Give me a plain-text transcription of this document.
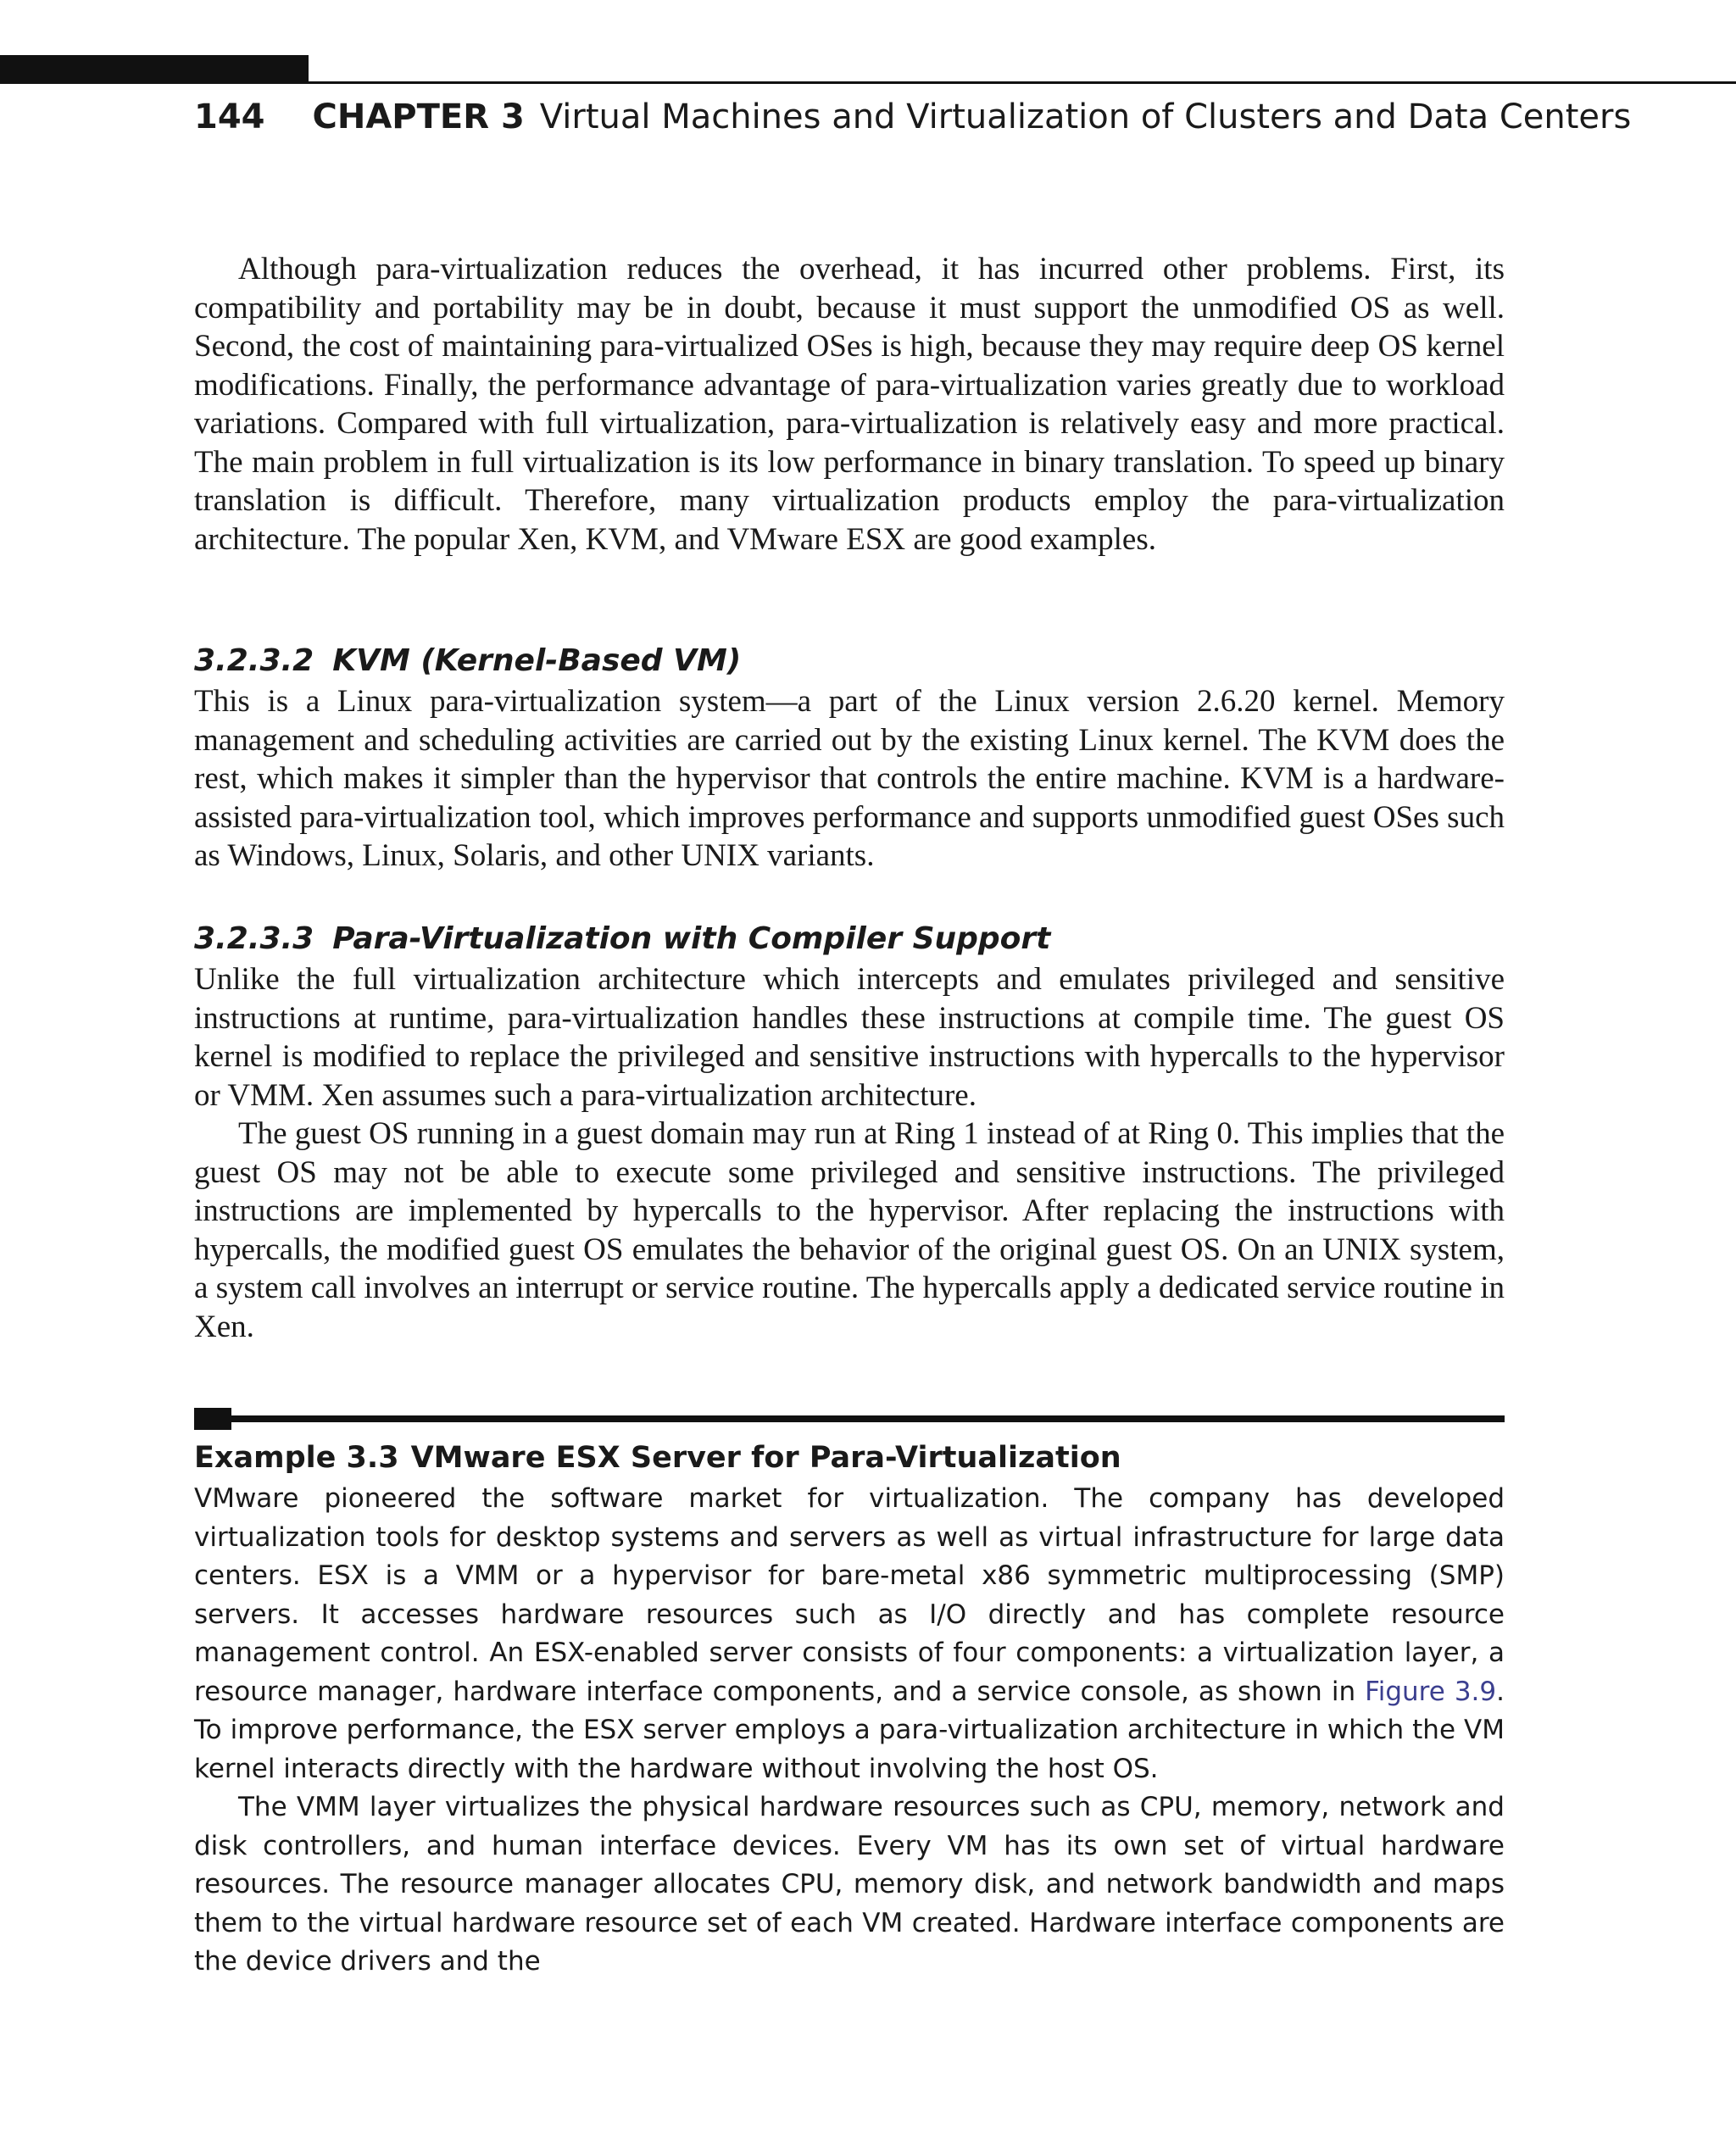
144 CHAPTER 3 Virtual Machines and Virtualization of Clusters and Data Centers

Although para-virtualization reduces the overhead, it has incurred other problems. First, its compatibility and portability may be in doubt, because it must support the unmodified OS as well. Second, the cost of maintaining para-virtualized OSes is high, because they may require deep OS kernel modifications. Finally, the performance advantage of para-virtualization varies greatly due to workload variations. Compared with full virtualization, para-virtualization is relatively easy and more practical. The main problem in full virtualization is its low performance in binary translation. To speed up binary translation is difficult. Therefore, many virtualization products employ the para-virtualization architecture. The popular Xen, KVM, and VMware ESX are good examples.

3.2.3.2 KVM (Kernel-Based VM)

This is a Linux para-virtualization system—a part of the Linux version 2.6.20 kernel. Memory management and scheduling activities are carried out by the existing Linux kernel. The KVM does the rest, which makes it simpler than the hypervisor that controls the entire machine. KVM is a hardware-assisted para-virtualization tool, which improves performance and supports unmodified guest OSes such as Windows, Linux, Solaris, and other UNIX variants.

3.2.3.3 Para-Virtualization with Compiler Support

Unlike the full virtualization architecture which intercepts and emulates privileged and sensitive instructions at runtime, para-virtualization handles these instructions at compile time. The guest OS kernel is modified to replace the privileged and sensitive instructions with hypercalls to the hypervisor or VMM. Xen assumes such a para-virtualization architecture.

The guest OS running in a guest domain may run at Ring 1 instead of at Ring 0. This implies that the guest OS may not be able to execute some privileged and sensitive instructions. The privileged instructions are implemented by hypercalls to the hypervisor. After replacing the instructions with hypercalls, the modified guest OS emulates the behavior of the original guest OS. On an UNIX system, a system call involves an interrupt or service routine. The hypercalls apply a dedicated service routine in Xen.

Example 3.3 VMware ESX Server for Para-Virtualization

VMware pioneered the software market for virtualization. The company has developed virtualization tools for desktop systems and servers as well as virtual infrastructure for large data centers. ESX is a VMM or a hypervisor for bare-metal x86 symmetric multiprocessing (SMP) servers. It accesses hardware resources such as I/O directly and has complete resource management control. An ESX-enabled server consists of four components: a virtualization layer, a resource manager, hardware interface components, and a service console, as shown in Figure 3.9. To improve performance, the ESX server employs a para-virtualization architecture in which the VM kernel interacts directly with the hardware without involving the host OS.

The VMM layer virtualizes the physical hardware resources such as CPU, memory, network and disk controllers, and human interface devices. Every VM has its own set of virtual hardware resources. The resource manager allocates CPU, memory disk, and network bandwidth and maps them to the virtual hardware resource set of each VM created. Hardware interface components are the device drivers and the
